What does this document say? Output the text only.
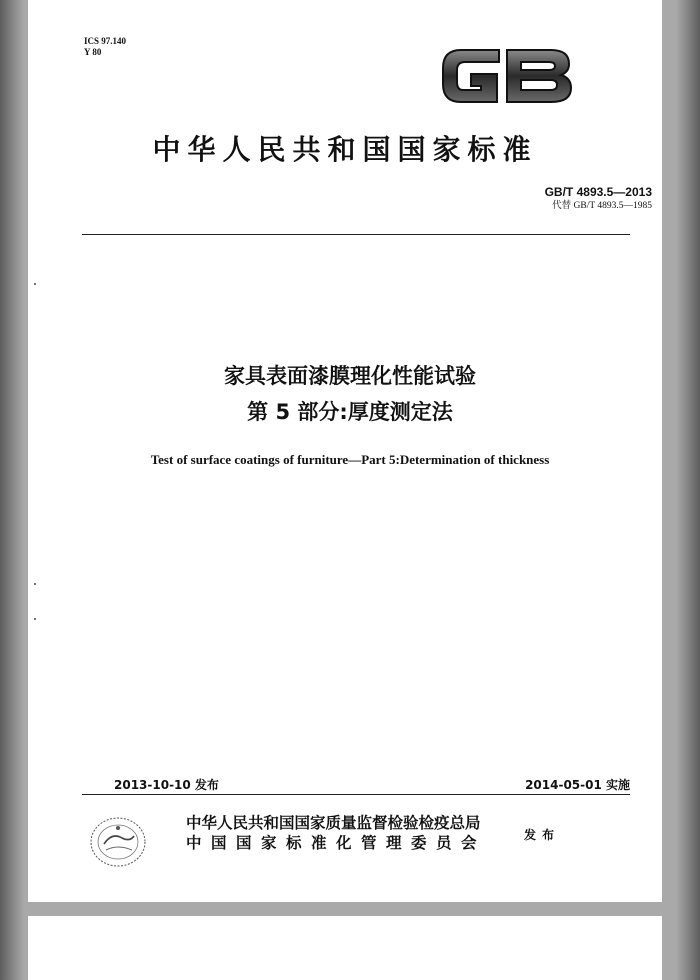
ICS 97.140
Y 80
中华人民共和国国家标准
GB/T 4893.5—2013
代替 GB/T 4893.5—1985
家具表面漆膜理化性能试验
第 5 部分:厚度测定法
Test of surface coatings of furniture—Part 5:Determination of thickness
2013-10-10 发布	2014-05-01 实施
中华人民共和国国家质量监督检验检疫总局
中国国家标准化管理委员会	发布
